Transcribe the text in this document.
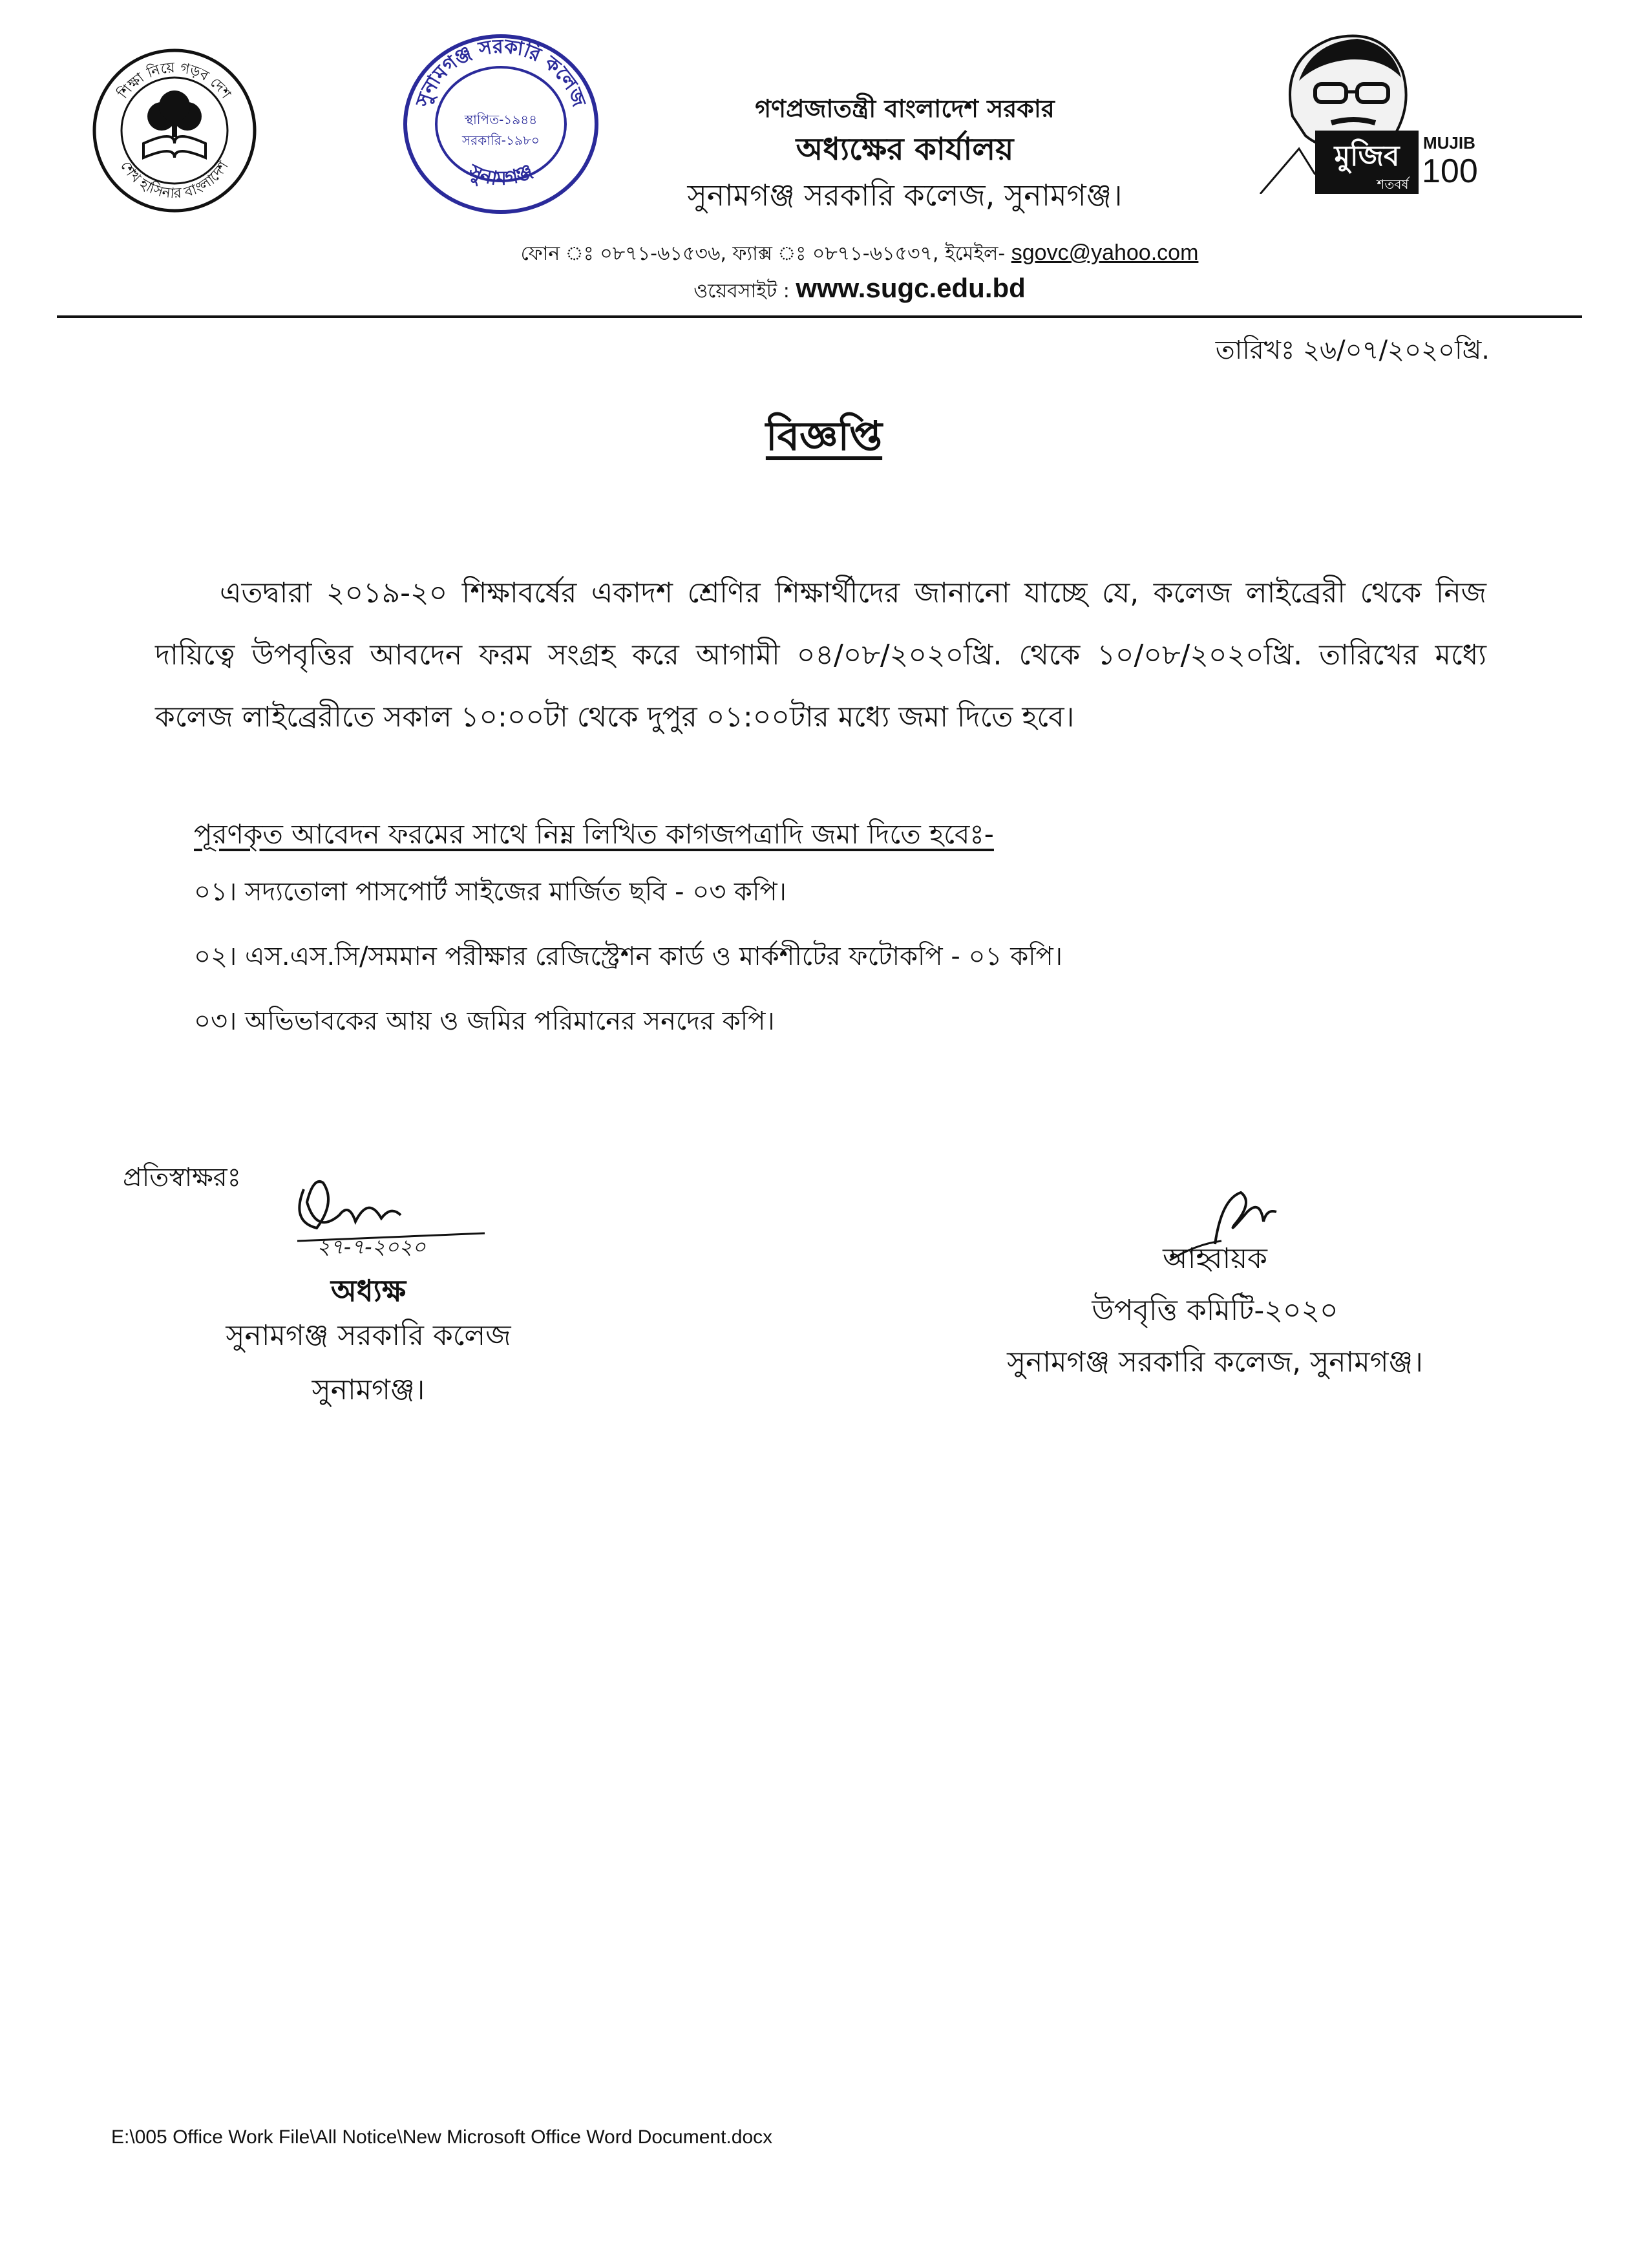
শিক্ষা নিয়ে গড়ব দেশ
শেখ হাসিনার বাংলাদেশ
সুনামগঞ্জ সরকারি কলেজ
স্থাপিত-১৯৪৪
সরকারি-১৯৮০
সুনামগঞ্জ
গণপ্রজাতন্ত্রী বাংলাদেশ সরকার
অধ্যক্ষের কার্যালয়
সুনামগঞ্জ সরকারি কলেজ, সুনামগঞ্জ।
মুজিব
শতবর্ষ
MUJIB
100
ফোন ঃ ০৮৭১-৬১৫৩৬, ফ্যাক্স ঃ ০৮৭১-৬১৫৩৭, ইমেইল- sgovc@yahoo.com
ওয়েবসাইট : www.sugc.edu.bd
তারিখঃ ২৬/০৭/২০২০খ্রি.
বিজ্ঞপ্তি

এতদ্বারা ২০১৯-২০ শিক্ষাবর্ষের একাদশ শ্রেণির শিক্ষার্থীদের জানানো যাচ্ছে যে, কলেজ লাইব্রেরী থেকে নিজ দায়িত্বে উপবৃত্তির আবদেন ফরম সংগ্রহ করে আগামী ০৪/০৮/২০২০খ্রি. থেকে ১০/০৮/২০২০খ্রি. তারিখের মধ্যে কলেজ লাইব্রেরীতে সকাল ১০:০০টা থেকে দুপুর ০১:০০টার মধ্যে জমা দিতে হবে।

পূরণকৃত আবেদন ফরমের সাথে নিম্ন লিখিত কাগজপত্রাদি জমা দিতে হবেঃ-
০১। সদ্যতোলা পাসপোর্ট সাইজের মার্জিত ছবি - ০৩ কপি।
০২। এস.এস.সি/সমমান পরীক্ষার রেজিস্ট্রেশন কার্ড ও মার্কশীটের ফটোকপি - ০১ কপি।
০৩। অভিভাবকের আয় ও জমির পরিমানের সনদের কপি।
প্রতিস্বাক্ষরঃ
২৭-৭-২০২০
অধ্যক্ষ
সুনামগঞ্জ সরকারি কলেজ
সুনামগঞ্জ।
আহ্বায়ক
উপবৃত্তি কমিটি-২০২০
সুনামগঞ্জ সরকারি কলেজ, সুনামগঞ্জ।
E:\005 Office Work File\All Notice\New Microsoft Office Word Document.docx
